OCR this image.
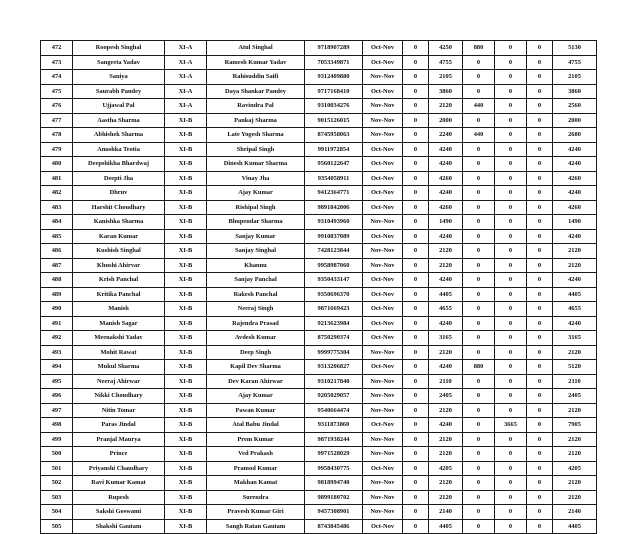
472	Roopesh Singhal	XI-A	Atul Singhal	9718907289	Oct-Nov	0	4250	880	0	0	5130
473	Sangeeta Yadav	XI-A	Ramesh Kumar Yadav	7053349871	Oct-Nov	0	4755	0	0	0	4755
474	Saniya	XI-A	Rahisuddin Saifi	9312409880	Nov-Nov	0	2105	0	0	0	2105
475	Saurabh Pandey	XI-A	Daya Shankar Pandey	9717168410	Oct-Nov	0	3860	0	0	0	3860
476	Ujjawal Pal	XI-A	Ravindra Pal	9310034276	Nov-Nov	0	2120	440	0	0	2560
477	Aastha Sharma	XI-B	Pankaj Sharma	9015126015	Nov-Nov	0	2000	0	0	0	2000
478	Abhishek Sharma	XI-B	Late Yogesh Sharma	8745958063	Nov-Nov	0	2240	440	0	0	2680
479	Anushka Teotia	XI-B	Shripal Singh	9911972854	Oct-Nov	0	4240	0	0	0	4240
480	Deepshikha Bhardwaj	XI-B	Dinesh Kumar Sharma	9560122647	Oct-Nov	0	4240	0	0	0	4240
481	Deepti Jha	XI-B	Vinay Jha	9354058911	Oct-Nov	0	4260	0	0	0	4260
482	Dhruv	XI-B	Ajay Kumar	9412364771	Oct-Nov	0	4240	0	0	0	4240
483	Harshit Choudhary	XI-B	Rishipal Singh	9891842006	Oct-Nov	0	4260	0	0	0	4260
484	Kanishka Sharma	XI-B	Bhupendar Sharma	9310493960	Nov-Nov	0	1490	0	0	0	1490
485	Karan Kumar	XI-B	Sanjay Kumar	9910837089	Oct-Nov	0	4240	0	0	0	4240
486	Kushish Singhal	XI-B	Sanjay Singhal	7428123844	Nov-Nov	0	2120	0	0	0	2120
487	Khushi Ahirvar	XI-B	Khannu	9958987060	Nov-Nov	0	2120	0	0	0	2120
488	Krish Panchal	XI-B	Sanjay Panchal	9350433147	Oct-Nov	0	4240	0	0	0	4240
489	Kritika Panchal	XI-B	Rakesh Panchal	9350696370	Oct-Nov	0	4405	0	0	0	4405
490	Manish	XI-B	Neeraj Singh	9871669423	Oct-Nov	0	4655	0	0	0	4655
491	Manish Sagar	XI-B	Rajendra Prasad	9213623984	Oct-Nov	0	4240	0	0	0	4240
492	Meenakshi Yadav	XI-B	Avdesh Kumar	8750290374	Oct-Nov	0	3165	0	0	0	3165
493	Mohit Rawat	XI-B	Deep Singh	9999775304	Nov-Nov	0	2120	0	0	0	2120
494	Mukul Sharma	XI-B	Kapil Dev Sharma	9313206827	Oct-Nov	0	4240	880	0	0	5120
495	Neeraj Ahirwar	XI-B	Dev Karan Ahirwar	9310217840	Nov-Nov	0	2110	0	0	0	2110
496	Nikki Choudhary	XI-B	Ajay Kumar	9205029057	Nov-Nov	0	2405	0	0	0	2405
497	Nitin Tomar	XI-B	Pawan Kumar	9540664474	Nov-Nov	0	2120	0	0	0	2120
498	Paras Jindal	XI-B	Atal Babu Jindal	9311873860	Oct-Nov	0	4240	0	3665	0	7905
499	Pranjal Maurya	XI-B	Prem Kumar	9871938244	Nov-Nov	0	2120	0	0	0	2120
500	Prince	XI-B	Ved Prakash	9971528029	Nov-Nov	0	2120	0	0	0	2120
501	Priyanshi Chaudhary	XI-B	Pramod Kumar	9958430775	Oct-Nov	0	4205	0	0	0	4205
502	Ravi Kumar Kamat	XI-B	Makhan Kamat	9818994740	Nov-Nov	0	2120	0	0	0	2120
503	Rupesh	XI-B	Surendra	9899180702	Nov-Nov	0	2120	0	0	0	2120
504	Sakshi Goswami	XI-B	Pravesh Kumar Giri	9457308901	Nov-Nov	0	2140	0	0	0	2140
505	Shakshi Gautam	XI-B	Sangh Ratan Gautam	8743845486	Oct-Nov	0	4405	0	0	0	4405
